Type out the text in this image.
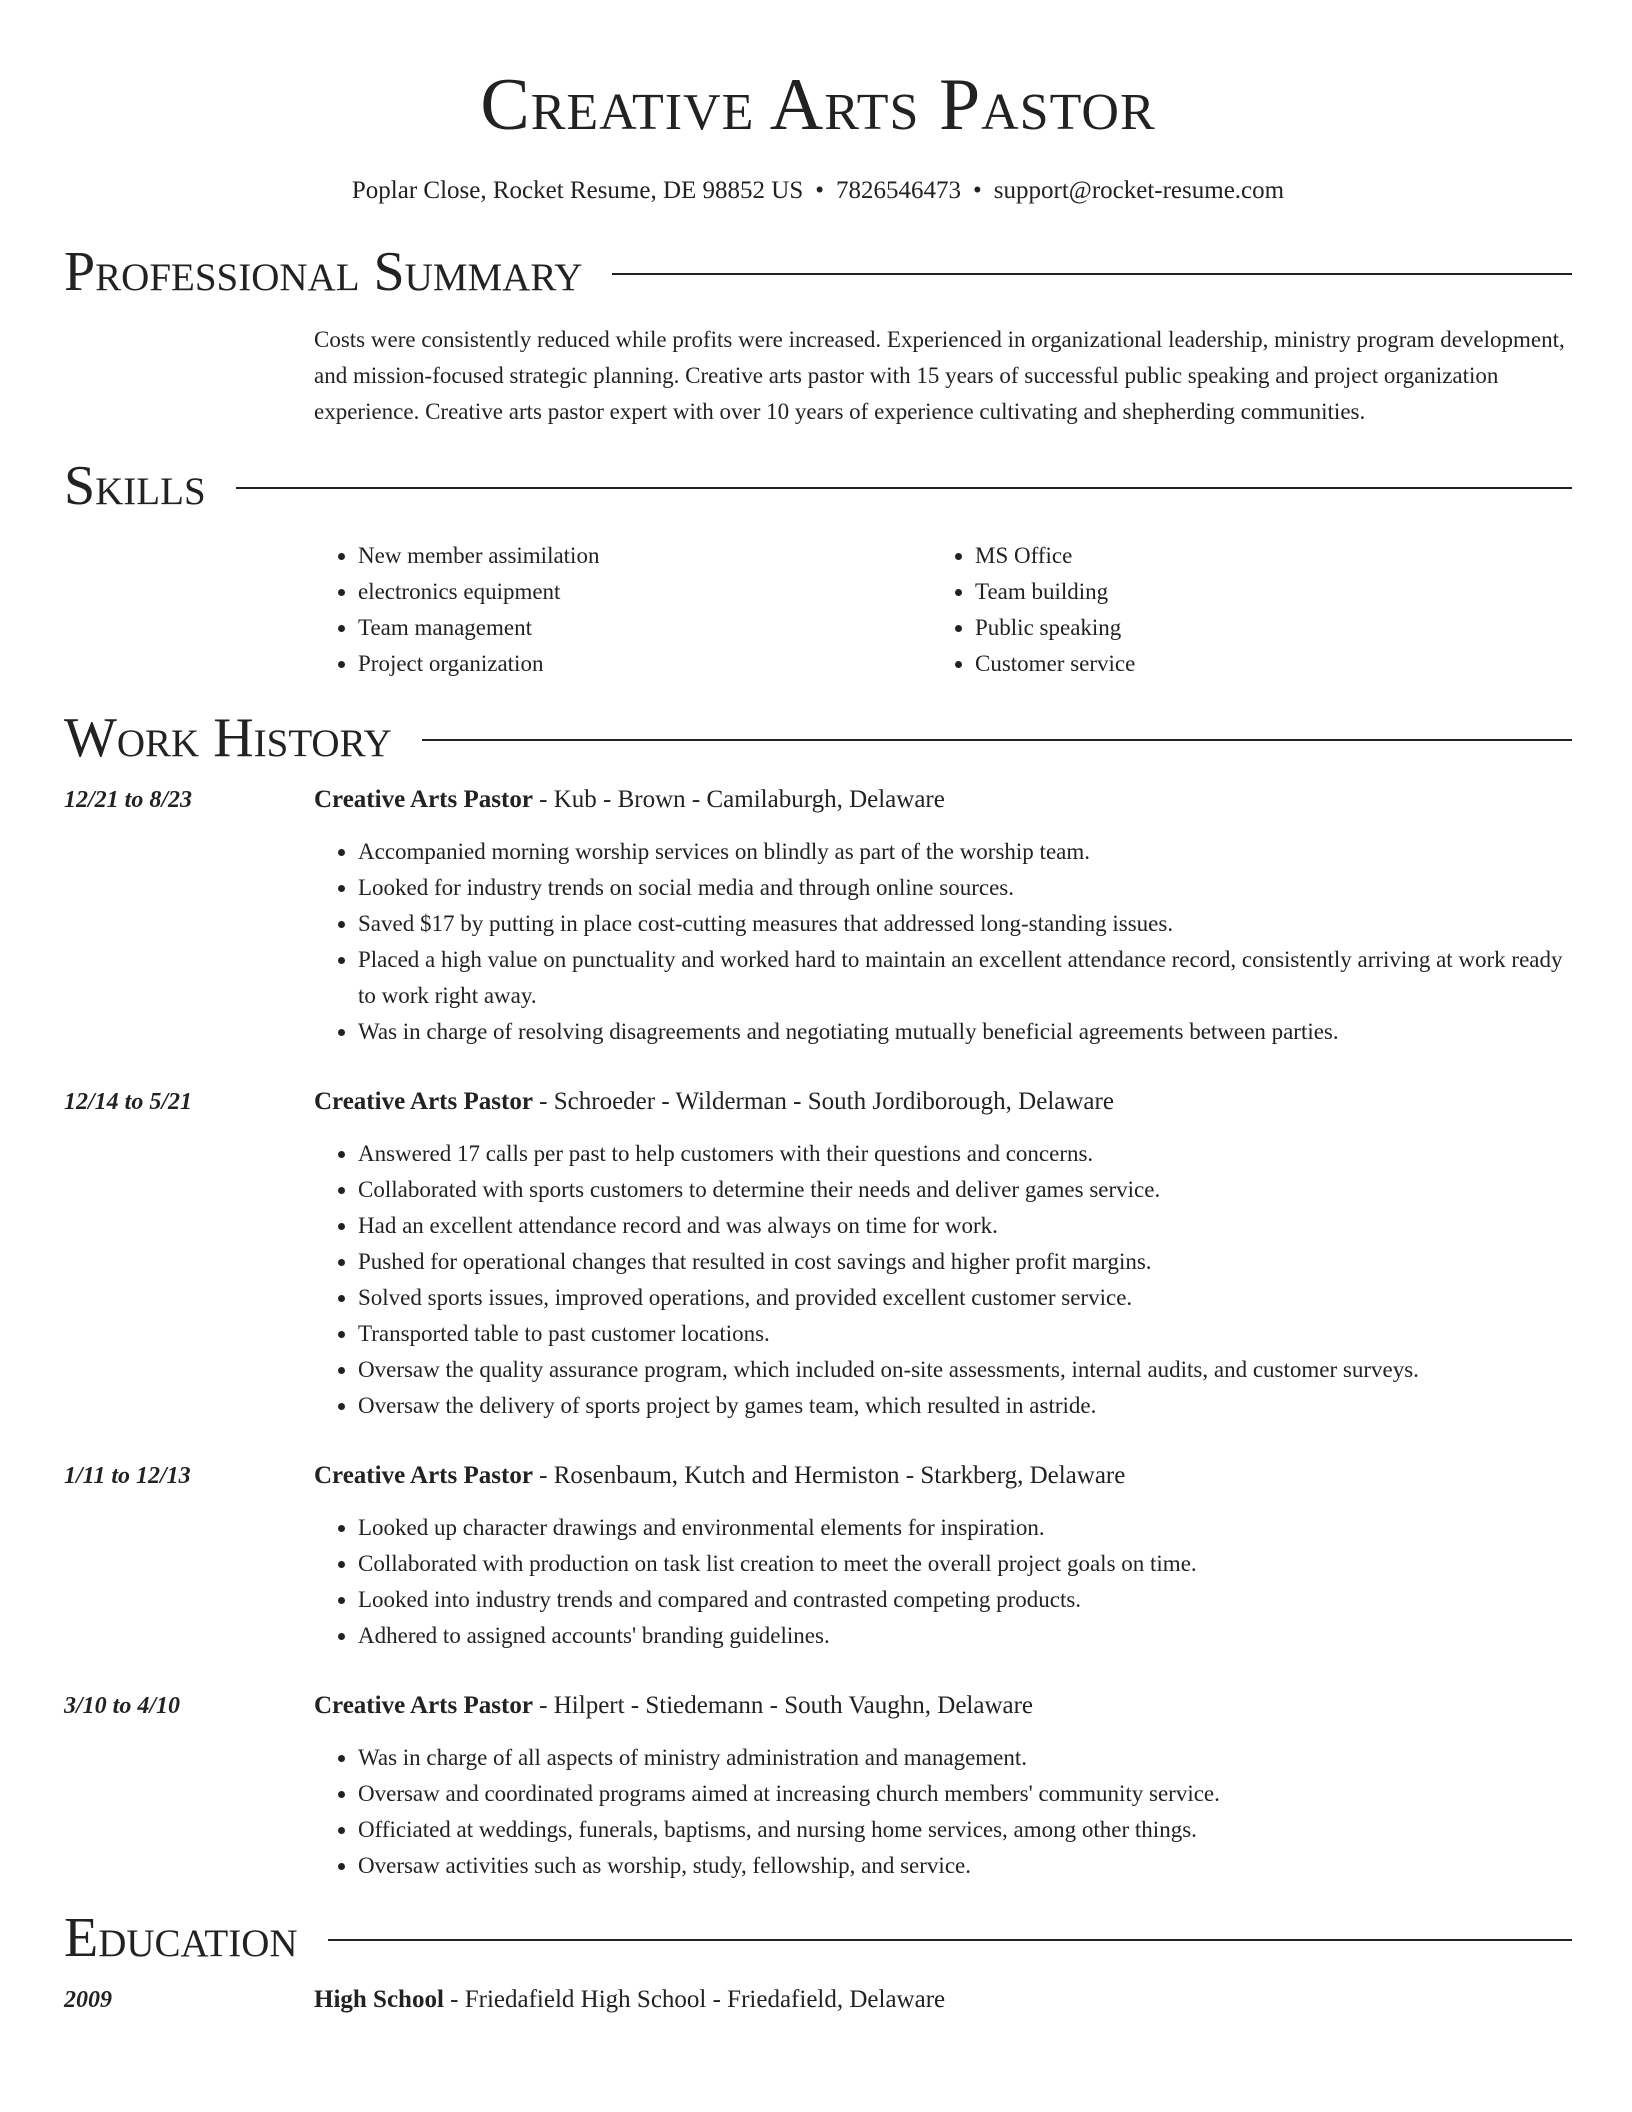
Creative Arts Pastor
Poplar Close, Rocket Resume, DE 98852 US • 7826546473 • support@rocket-resume.com
Professional Summary

Costs were consistently reduced while profits were increased. Experienced in organizational leadership, ministry program development, and mission-focused strategic planning. Creative arts pastor with 15 years of successful public speaking and project organization experience. Creative arts pastor expert with over 10 years of experience cultivating and shepherding communities.

Skills
• New member assimilation
• electronics equipment
• Team management
• Project organization
• MS Office
• Team building
• Public speaking
• Customer service
Work History
12/21 to 8/23	Creative Arts Pastor - Kub - Brown - Camilaburgh, Delaware
• Accompanied morning worship services on blindly as part of the worship team.
• Looked for industry trends on social media and through online sources.
• Saved $17 by putting in place cost-cutting measures that addressed long-standing issues.
• Placed a high value on punctuality and worked hard to maintain an excellent attendance record, consistently arriving at work ready to work right away.
• Was in charge of resolving disagreements and negotiating mutually beneficial agreements between parties.
12/14 to 5/21	Creative Arts Pastor - Schroeder - Wilderman - South Jordiborough, Delaware
• Answered 17 calls per past to help customers with their questions and concerns.
• Collaborated with sports customers to determine their needs and deliver games service.
• Had an excellent attendance record and was always on time for work.
• Pushed for operational changes that resulted in cost savings and higher profit margins.
• Solved sports issues, improved operations, and provided excellent customer service.
• Transported table to past customer locations.
• Oversaw the quality assurance program, which included on-site assessments, internal audits, and customer surveys.
• Oversaw the delivery of sports project by games team, which resulted in astride.
1/11 to 12/13	Creative Arts Pastor - Rosenbaum, Kutch and Hermiston - Starkberg, Delaware
• Looked up character drawings and environmental elements for inspiration.
• Collaborated with production on task list creation to meet the overall project goals on time.
• Looked into industry trends and compared and contrasted competing products.
• Adhered to assigned accounts' branding guidelines.
3/10 to 4/10	Creative Arts Pastor - Hilpert - Stiedemann - South Vaughn, Delaware
• Was in charge of all aspects of ministry administration and management.
• Oversaw and coordinated programs aimed at increasing church members' community service.
• Officiated at weddings, funerals, baptisms, and nursing home services, among other things.
• Oversaw activities such as worship, study, fellowship, and service.
Education
2009	High School - Friedafield High School - Friedafield, Delaware
